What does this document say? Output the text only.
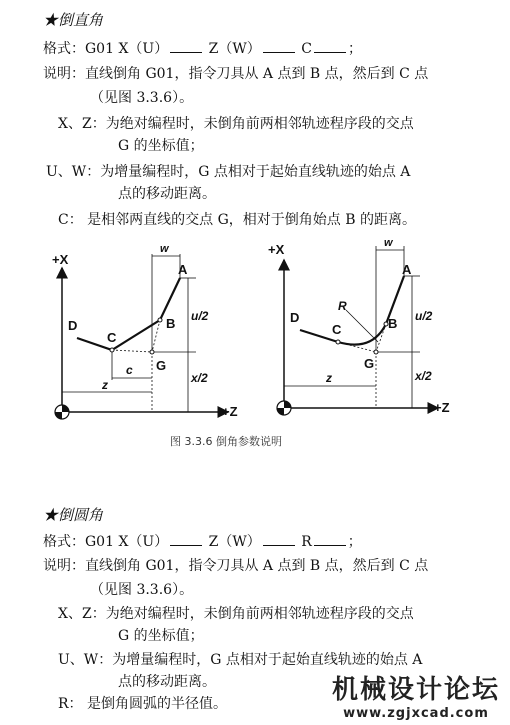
★倒直角
格式：G01 X（U）	Z（W）	C	；
说明：直线倒角 G01，指令刀具从 A 点到 B 点，然后到 C 点
（见图 3.3.6）。
X、Z：为绝对编程时，未倒角前两相邻轨迹程序段的交点
G 的坐标值；
U、W：为增量编程时，G 点相对于起始直线轨迹的始点 A
点的移动距离。
C： 是相邻两直线的交点 G，相对于倒角始点 B 的距离。
+X
+Z
A
B
C
D
G
w
u/2
x/2
z
c
+X
+Z
A
B
C
D
G
R
w
u/2
x/2
z
图 3.3.6 倒角参数说明
★倒圆角
格式：G01 X（U）	Z（W）	R	；
说明：直线倒角 G01，指令刀具从 A 点到 B 点，然后到 C 点
（见图 3.3.6）。
X、Z：为绝对编程时，未倒角前两相邻轨迹程序段的交点
G 的坐标值；
U、W：为增量编程时，G 点相对于起始直线轨迹的始点 A
点的移动距离。
R： 是倒角圆弧的半径值。	机械设计论坛
www.zgjxcad.com
